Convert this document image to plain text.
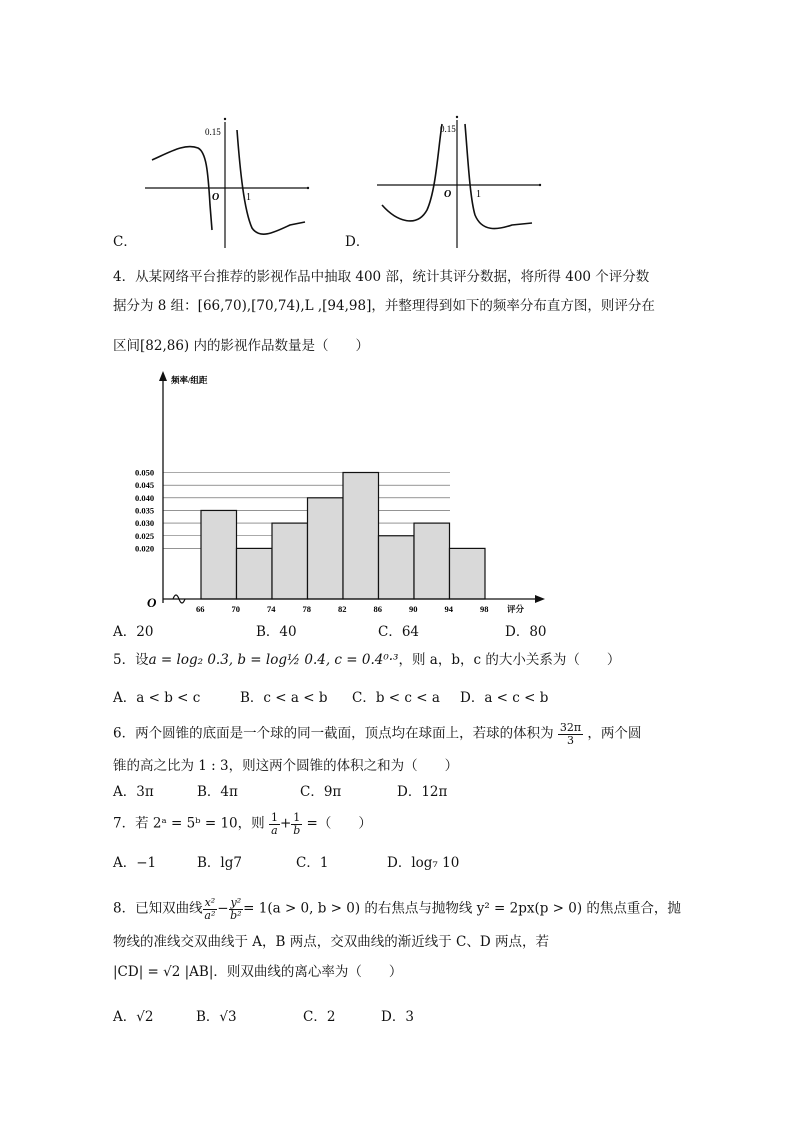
0.15
O	1
C．
0.15
O 1
D．
4．从某网络平台推荐的影视作品中抽取 400 部，统计其评分数据，将所得 400 个评分数
据分为 8 组：[66,70),[70,74),L ,[94,98]，并整理得到如下的频率分布直方图，则评分在
区间[82,86) 内的影视作品数量是（　　）
0.050
0.045
0.040
0.035
0.030
0.025
0.020
66	70	74	78	82	86	90	94	98
O
频率/组距
评分
A．20	B．40	C．64	D．80
5．设a = log₂ 0.3, b = log½ 0.4, c = 0.4⁰·³，则 a，b，c 的大小关系为（　　）
A．a < b < c	B．c < a < b C．b < c < a D．a < c < b
6．两个圆锥的底面是一个球的同一截面，顶点均在球面上，若球的体积为 $\frac{32\pi}{3}$ ，两个圆
锥的高之比为 1 : 3，则这两个圆锥的体积之和为（　　）
A．3π	B．4π	C．9π	D．12π
7．若 2ᵃ = 5ᵇ = 10，则 $\frac{1}{a} + \frac{1}{b}$ =（　　）
A．−1	B．lg7	C．1	D．log₇ 10
8．已知双曲线 $\frac{\text{x²}}{\text{a²}} - \frac{\text{y²}}{\text{b²}} = 1(a > 0$, b > 0) 的右焦点与抛物线 y² = 2px(p > 0) 的焦点重合，抛
物线的准线交双曲线于 A，B 两点，交双曲线的渐近线于 C、D 两点，若
|CD| = √2 |AB|．则双曲线的离心率为（　　）
A．√2	B．√3	C．2	D．3
